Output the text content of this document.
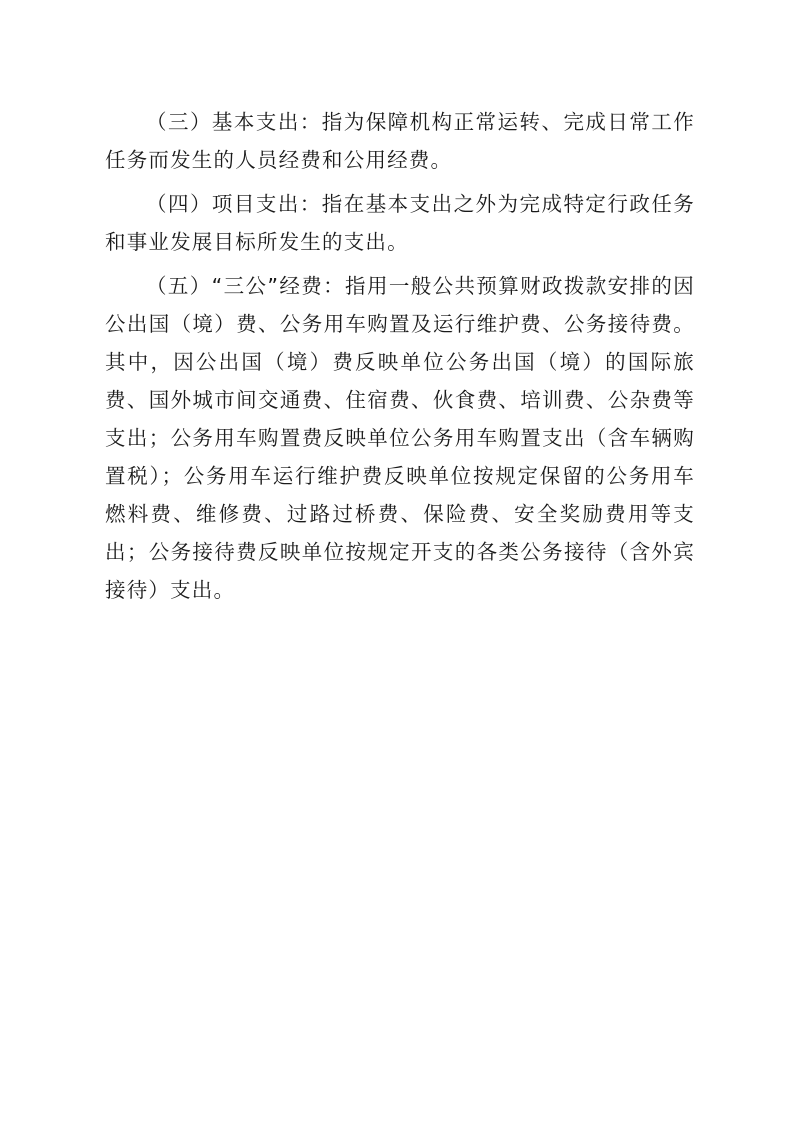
（三）基本支出：指为保障机构正常运转、完成日常工作任务而发生的人员经费和公用经费。

（四）项目支出：指在基本支出之外为完成特定行政任务和事业发展目标所发生的支出。

（五）“三公”经费：指用一般公共预算财政拨款安排的因公出国（境）费、公务用车购置及运行维护费、公务接待费。其中，因公出国（境）费反映单位公务出国（境）的国际旅费、国外城市间交通费、住宿费、伙食费、培训费、公杂费等支出；公务用车购置费反映单位公务用车购置支出（含车辆购置税）；公务用车运行维护费反映单位按规定保留的公务用车燃料费、维修费、过路过桥费、保险费、安全奖励费用等支出；公务接待费反映单位按规定开支的各类公务接待（含外宾接待）支出。
